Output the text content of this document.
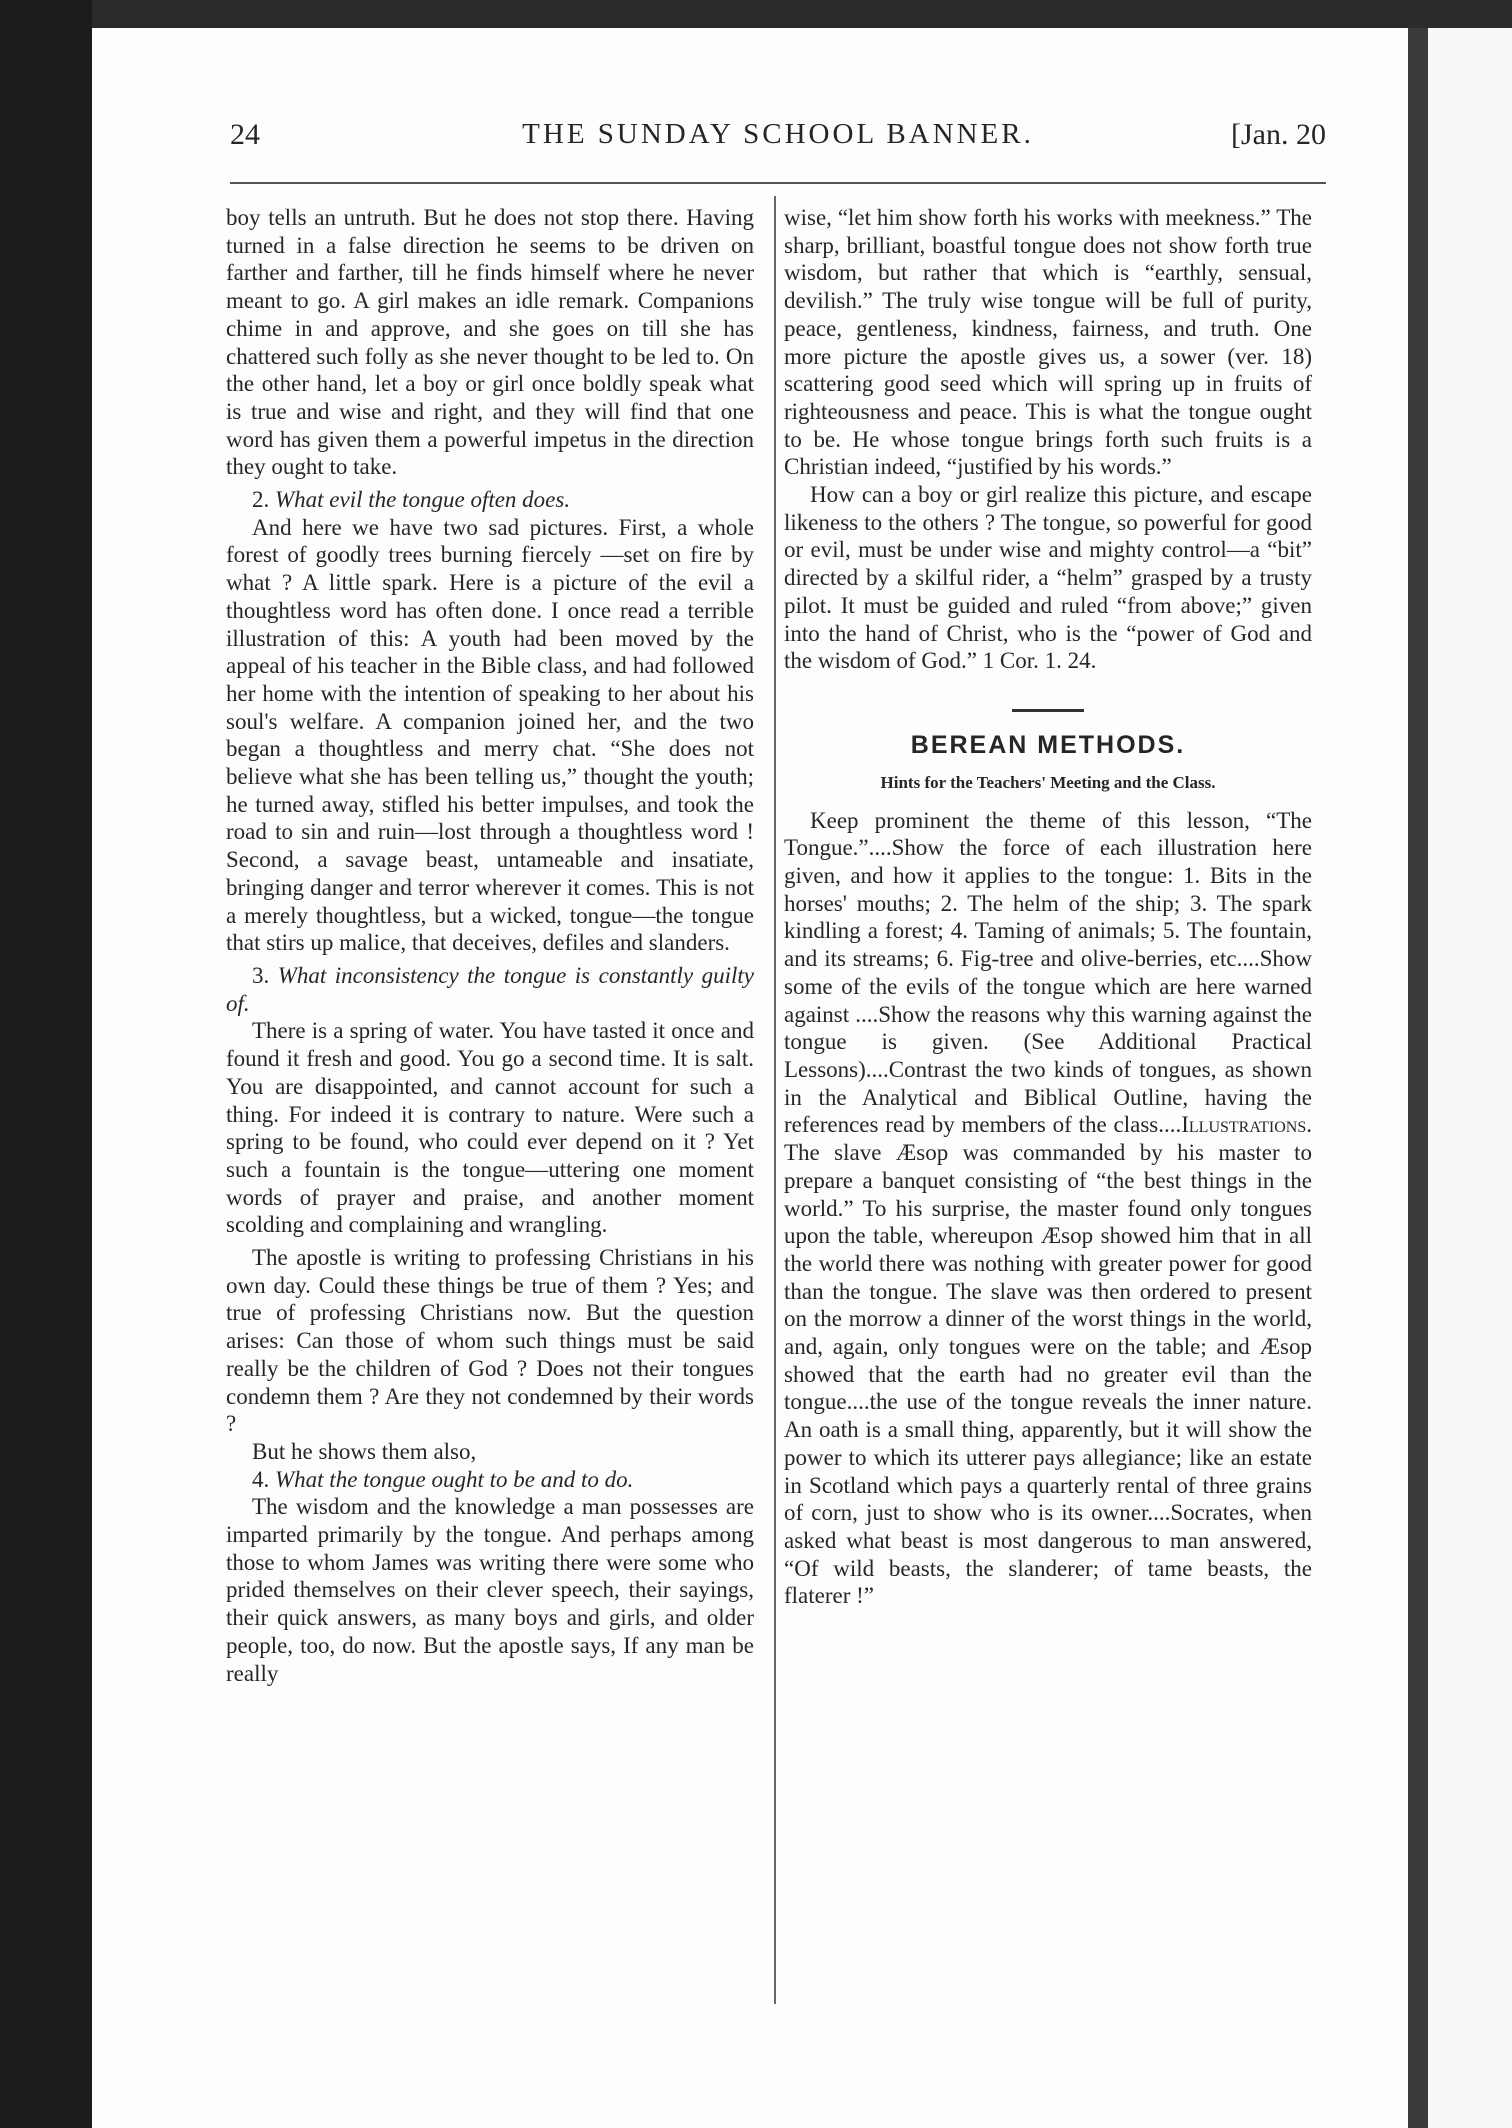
24	THE SUNDAY SCHOOL BANNER.	[Jan. 20

boy tells an untruth. But he does not stop there. Having turned in a false direction he seems to be driven on farther and farther, till he finds himself where he never meant to go. A girl makes an idle remark. Companions chime in and approve, and she goes on till she has chattered such folly as she never thought to be led to. On the other hand, let a boy or girl once boldly speak what is true and wise and right, and they will find that one word has given them a powerful impetus in the direction they ought to take.

2. What evil the tongue often does.

And here we have two sad pictures. First, a whole forest of goodly trees burning fiercely —set on fire by what ? A little spark. Here is a picture of the evil a thoughtless word has often done. I once read a terrible illustration of this: A youth had been moved by the appeal of his teacher in the Bible class, and had followed her home with the intention of speaking to her about his soul's welfare. A companion joined her, and the two began a thoughtless and merry chat. “She does not believe what she has been telling us,” thought the youth; he turned away, stifled his better impulses, and took the road to sin and ruin—lost through a thoughtless word ! Second, a savage beast, untameable and insatiate, bringing danger and terror wherever it comes. This is not a merely thoughtless, but a wicked, tongue—the tongue that stirs up malice, that deceives, defiles and slanders.

3. What inconsistency the tongue is constantly guilty of.

There is a spring of water. You have tasted it once and found it fresh and good. You go a second time. It is salt. You are disappointed, and cannot account for such a thing. For indeed it is contrary to nature. Were such a spring to be found, who could ever depend on it ? Yet such a fountain is the tongue—uttering one moment words of prayer and praise, and another moment scolding and complaining and wrangling.

The apostle is writing to professing Christians in his own day. Could these things be true of them ? Yes; and true of professing Christians now. But the question arises: Can those of whom such things must be said really be the children of God ? Does not their tongues condemn them ? Are they not condemned by their words ?

But he shows them also,

4. What the tongue ought to be and to do.

The wisdom and the knowledge a man possesses are imparted primarily by the tongue. And perhaps among those to whom James was writing there were some who prided themselves on their clever speech, their sayings, their quick answers, as many boys and girls, and older people, too, do now. But the apostle says, If any man be really

wise, “let him show forth his works with meekness.” The sharp, brilliant, boastful tongue does not show forth true wisdom, but rather that which is “earthly, sensual, devilish.” The truly wise tongue will be full of purity, peace, gentleness, kindness, fairness, and truth. One more picture the apostle gives us, a sower (ver. 18) scattering good seed which will spring up in fruits of righteousness and peace. This is what the tongue ought to be. He whose tongue brings forth such fruits is a Christian indeed, “justified by his words.”

How can a boy or girl realize this picture, and escape likeness to the others ? The tongue, so powerful for good or evil, must be under wise and mighty control—a “bit” directed by a skilful rider, a “helm” grasped by a trusty pilot. It must be guided and ruled “from above;” given into the hand of Christ, who is the “power of God and the wisdom of God.” 1 Cor. 1. 24.

BEREAN METHODS.
Hints for the Teachers' Meeting and the Class.

Keep prominent the theme of this lesson, “The Tongue.”....Show the force of each illustration here given, and how it applies to the tongue: 1. Bits in the horses' mouths; 2. The helm of the ship; 3. The spark kindling a forest; 4. Taming of animals; 5. The fountain, and its streams; 6. Fig-tree and olive-berries, etc....Show some of the evils of the tongue which are here warned against ....Show the reasons why this warning against the tongue is given. (See Additional Practical Lessons)....Contrast the two kinds of tongues, as shown in the Analytical and Biblical Outline, having the references read by members of the class....Illustrations. The slave Æsop was commanded by his master to prepare a banquet consisting of “the best things in the world.” To his surprise, the master found only tongues upon the table, whereupon Æsop showed him that in all the world there was nothing with greater power for good than the tongue. The slave was then ordered to present on the morrow a dinner of the worst things in the world, and, again, only tongues were on the table; and Æsop showed that the earth had no greater evil than the tongue....the use of the tongue reveals the inner nature. An oath is a small thing, apparently, but it will show the power to which its utterer pays allegiance; like an estate in Scotland which pays a quarterly rental of three grains of corn, just to show who is its owner....Socrates, when asked what beast is most dangerous to man answered, “Of wild beasts, the slanderer; of tame beasts, the flaterer !”
